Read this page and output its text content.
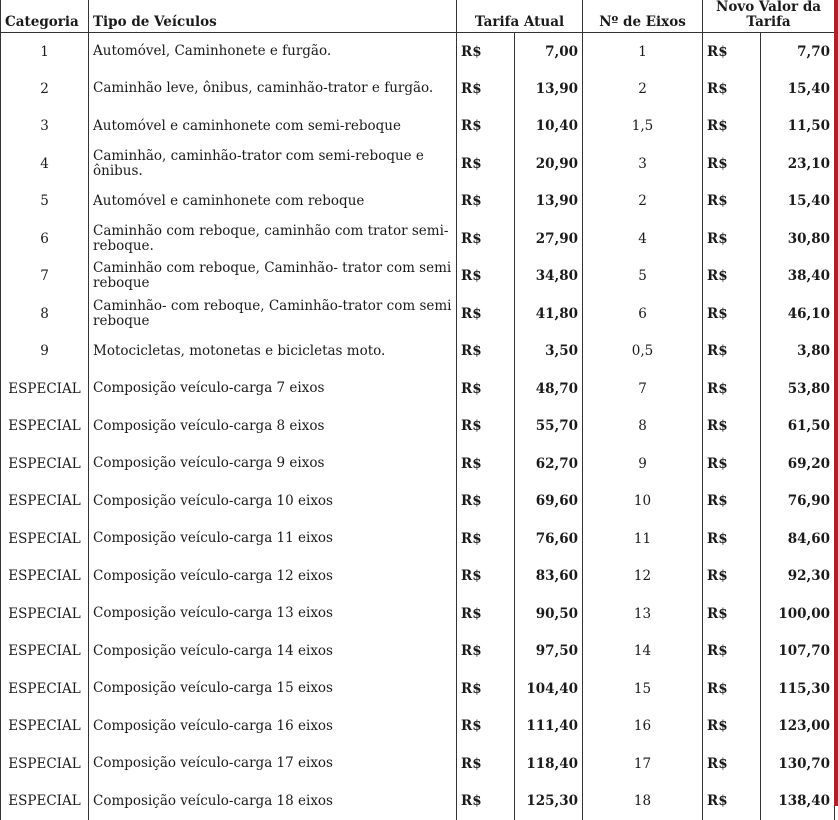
Categoria	Tipo de Veículos	Tarifa Atual		Nº de Eixos	Novo Valor da Tarifa	
1	Automóvel, Caminhonete e furgão.	R$	7,00	1	R$	7,70
2	Caminhão leve, ônibus, caminhão-trator e furgão.	R$	13,90	2	R$	15,40
3	Automóvel e caminhonete com semi-reboque	R$	10,40	1,5	R$	11,50
4	Caminhão, caminhão-trator com semi-reboque e ônibus.	R$	20,90	3	R$	23,10
5	Automóvel e caminhonete com reboque	R$	13,90	2	R$	15,40
6	Caminhão com reboque, caminhão com trator semi-reboque.	R$	27,90	4	R$	30,80
7	Caminhão com reboque, Caminhão- trator com semi reboque	R$	34,80	5	R$	38,40
8	Caminhão- com reboque, Caminhão-trator com semi reboque	R$	41,80	6	R$	46,10
9	Motocicletas, motonetas e bicicletas moto.	R$	3,50	0,5	R$	3,80
ESPECIAL	Composição veículo-carga 7 eixos	R$	48,70	7	R$	53,80
ESPECIAL	Composição veículo-carga 8 eixos	R$	55,70	8	R$	61,50
ESPECIAL	Composição veículo-carga 9 eixos	R$	62,70	9	R$	69,20
ESPECIAL	Composição veículo-carga 10 eixos	R$	69,60	10	R$	76,90
ESPECIAL	Composição veículo-carga 11 eixos	R$	76,60	11	R$	84,60
ESPECIAL	Composição veículo-carga 12 eixos	R$	83,60	12	R$	92,30
ESPECIAL	Composição veículo-carga 13 eixos	R$	90,50	13	R$	100,00
ESPECIAL	Composição veículo-carga 14 eixos	R$	97,50	14	R$	107,70
ESPECIAL	Composição veículo-carga 15 eixos	R$	104,40	15	R$	115,30
ESPECIAL	Composição veículo-carga 16 eixos	R$	111,40	16	R$	123,00
ESPECIAL	Composição veículo-carga 17 eixos	R$	118,40	17	R$	130,70
ESPECIAL	Composição veículo-carga 18 eixos	R$	125,30	18	R$	138,40
